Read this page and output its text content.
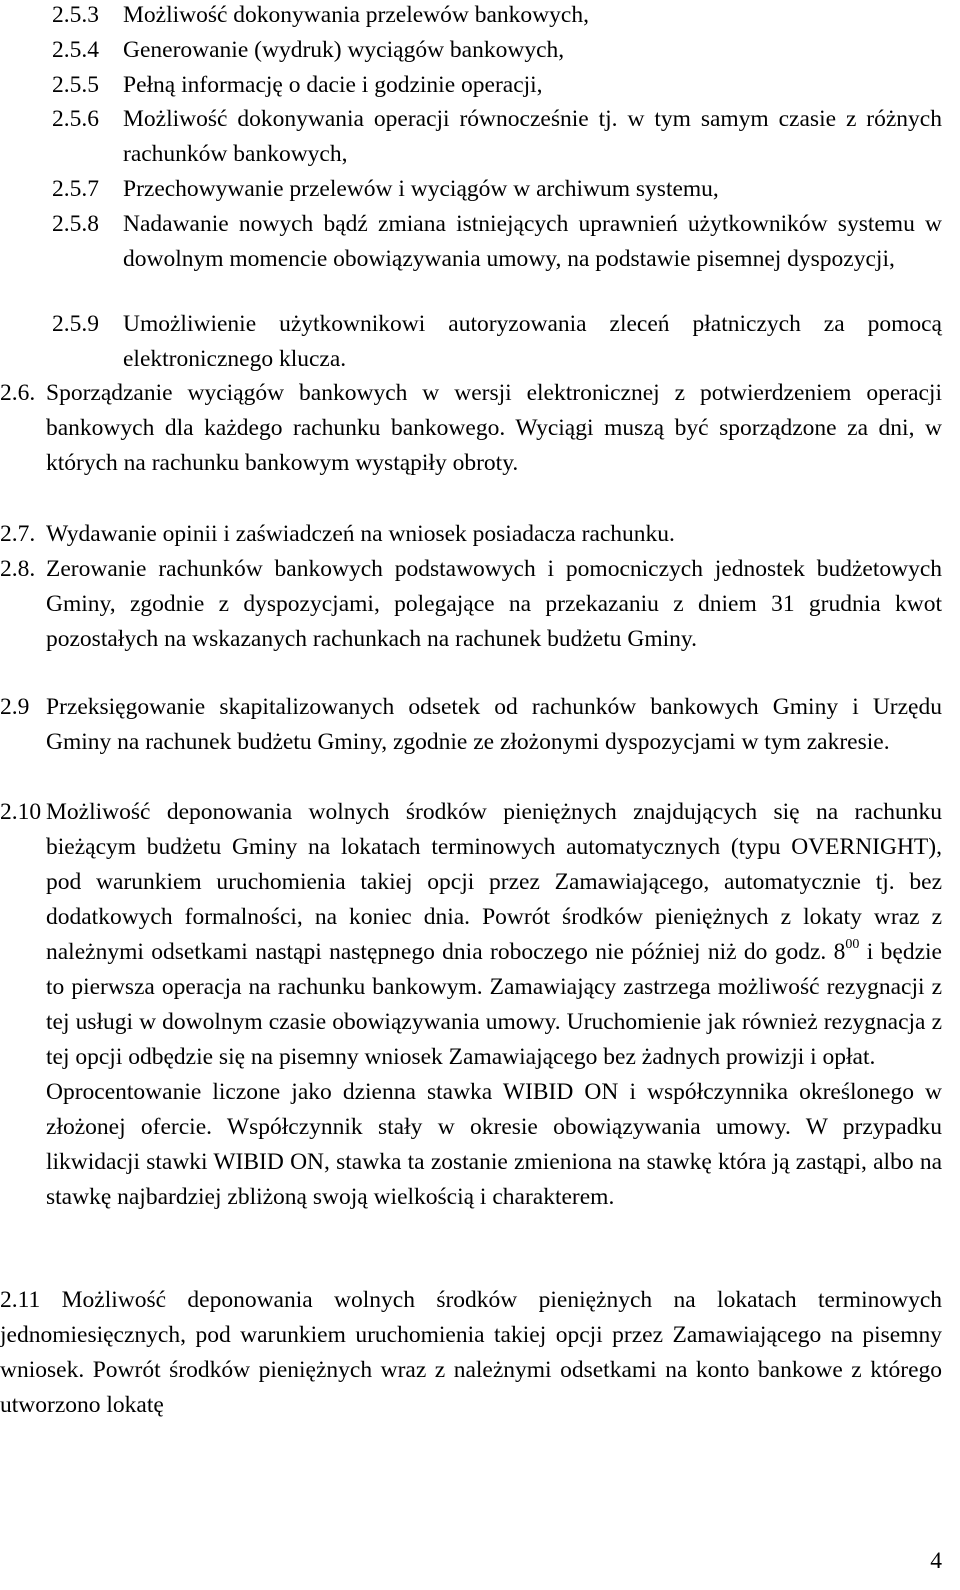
2.5.3 Możliwość dokonywania przelewów bankowych,
2.5.4 Generowanie (wydruk) wyciągów bankowych,
2.5.5 Pełną informację o dacie i godzinie operacji,
2.5.6 Możliwość dokonywania operacji równocześnie tj. w tym samym czasie z różnych rachunków bankowych,
2.5.7 Przechowywanie przelewów i wyciągów w archiwum systemu,
2.5.8 Nadawanie nowych bądź zmiana istniejących uprawnień użytkowników systemu w dowolnym momencie obowiązywania umowy, na podstawie pisemnej dyspozycji,
2.5.9 Umożliwienie użytkownikowi autoryzowania zleceń płatniczych za pomocą elektronicznego klucza.
2.6. Sporządzanie wyciągów bankowych w wersji elektronicznej z potwierdzeniem operacji bankowych dla każdego rachunku bankowego. Wyciągi muszą być sporządzone za dni, w których na rachunku bankowym wystąpiły obroty.
2.7. Wydawanie opinii i zaświadczeń na wniosek posiadacza rachunku.
2.8. Zerowanie rachunków bankowych podstawowych i pomocniczych jednostek budżetowych Gminy, zgodnie z dyspozycjami, polegające na przekazaniu z dniem 31 grudnia kwot pozostałych na wskazanych rachunkach na rachunek budżetu Gminy.
2.9 Przeksięgowanie skapitalizowanych odsetek od rachunków bankowych Gminy i Urzędu Gminy na rachunek budżetu Gminy, zgodnie ze złożonymi dyspozycjami w tym zakresie.
2.10 Możliwość deponowania wolnych środków pieniężnych znajdujących się na rachunku bieżącym budżetu Gminy na lokatach terminowych automatycznych (typu OVERNIGHT), pod warunkiem uruchomienia takiej opcji przez Zamawiającego, automatycznie tj. bez dodatkowych formalności, na koniec dnia. Powrót środków pieniężnych z lokaty wraz z należnymi odsetkami nastąpi następnego dnia roboczego nie później niż do godz. $8^{00}$ i będzie to pierwsza operacja na rachunku bankowym. Zamawiający zastrzega możliwość rezygnacji z tej usługi w dowolnym czasie obowiązywania umowy. Uruchomienie jak również rezygnacja z tej opcji odbędzie się na pisemny wniosek Zamawiającego bez żadnych prowizji i opłat.

Oprocentowanie liczone jako dzienna stawka WIBID ON i współczynnika określonego w złożonej ofercie. Współczynnik stały w okresie obowiązywania umowy. W przypadku likwidacji stawki WIBID ON, stawka ta zostanie zmieniona na stawkę która ją zastąpi, albo na stawkę najbardziej zbliżoną swoją wielkością i charakterem.

2.11 Możliwość deponowania wolnych środków pieniężnych na lokatach terminowych jednomiesięcznych, pod warunkiem uruchomienia takiej opcji przez Zamawiającego na pisemny wniosek. Powrót środków pieniężnych wraz z należnymi odsetkami na konto bankowe z którego utworzono lokatę
4
